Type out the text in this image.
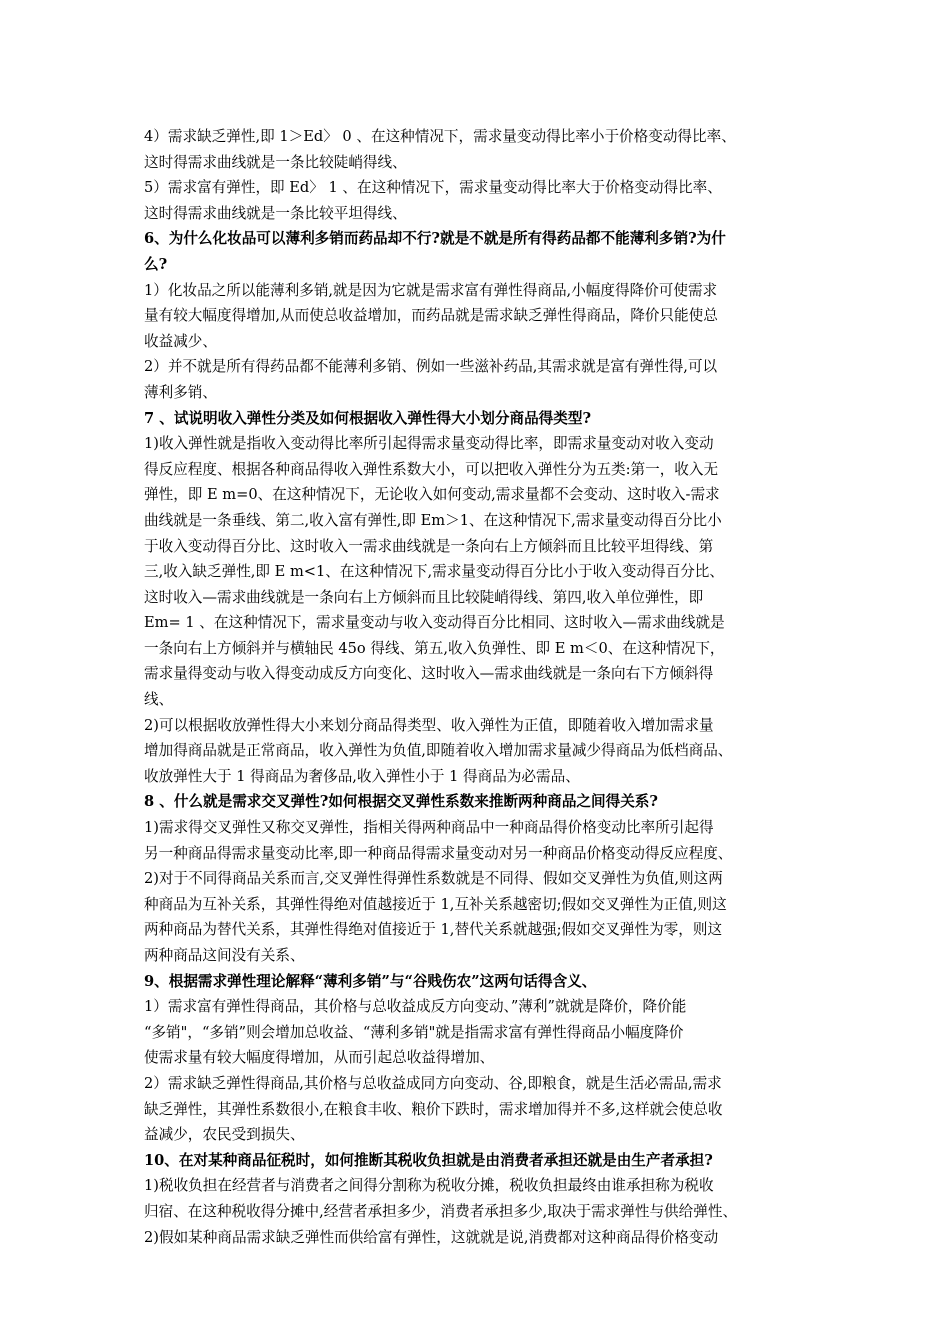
4）需求缺乏弹性,即 1＞Ed〉 0 、在这种情况下，需求量变动得比率小于价格变动得比率、
这时得需求曲线就是一条比较陡峭得线、
5）需求富有弹性，即 Ed〉 1 、在这种情况下，需求量变动得比率大于价格变动得比率、
这时得需求曲线就是一条比较平坦得线、
6、为什么化妆品可以薄利多销而药品却不行?就是不就是所有得药品都不能薄利多销?为什
么?
1）化妆品之所以能薄利多销,就是因为它就是需求富有弹性得商品,小幅度得降价可使需求
量有较大幅度得增加,从而使总收益增加，而药品就是需求缺乏弹性得商品，降价只能使总
收益减少、
2）并不就是所有得药品都不能薄利多销、例如一些滋补药品,其需求就是富有弹性得,可以
薄利多销、
7 、试说明收入弹性分类及如何根据收入弹性得大小划分商品得类型?
1)收入弹性就是指收入变动得比率所引起得需求量变动得比率，即需求量变动对收入变动
得反应程度、根据各种商品得收入弹性系数大小，可以把收入弹性分为五类:第一，收入无
弹性，即 E m=0、在这种情况下，无论收入如何变动,需求量都不会变动、这时收入-需求
曲线就是一条垂线、第二,收入富有弹性,即 Em＞1、在这种情况下,需求量变动得百分比小
于收入变动得百分比、这时收入一需求曲线就是一条向右上方倾斜而且比较平坦得线、第
三,收入缺乏弹性,即 E m<1、在这种情况下,需求量变动得百分比小于收入变动得百分比、
这时收入—需求曲线就是一条向右上方倾斜而且比较陡峭得线、第四,收入单位弹性，即
Em= 1 、在这种情况下，需求量变动与收入变动得百分比相同、这时收入—需求曲线就是
一条向右上方倾斜并与横轴民 45o 得线、第五,收入负弹性、即 E m＜0、在这种情况下，
需求量得变动与收入得变动成反方向变化、这时收入—需求曲线就是一条向右下方倾斜得
线、
2)可以根据收放弹性得大小来划分商品得类型、收入弹性为正值，即随着收入增加需求量
增加得商品就是正常商品，收入弹性为负值,即随着收入增加需求量减少得商品为低档商品、
收放弹性大于 1 得商品为奢侈品,收入弹性小于 1 得商品为必需品、
8 、什么就是需求交叉弹性?如何根据交叉弹性系数来推断两种商品之间得关系?
1)需求得交叉弹性又称交叉弹性，指相关得两种商品中一种商品得价格变动比率所引起得
另一种商品得需求量变动比率,即一种商品得需求量变动对另一种商品价格变动得反应程度、
2)对于不同得商品关系而言,交叉弹性得弹性系数就是不同得、假如交叉弹性为负值,则这两
种商品为互补关系，其弹性得绝对值越接近于 1,互补关系越密切;假如交叉弹性为正值,则这
两种商品为替代关系，其弹性得绝对值接近于 1,替代关系就越强;假如交叉弹性为零，则这
两种商品这间没有关系、
9、根据需求弹性理论解释“薄利多销”与“谷贱伤农”这两句话得含义、
1）需求富有弹性得商品，其价格与总收益成反方向变动、”薄利”就就是降价，降价能
“多销"，“多销”则会增加总收益、“薄利多销"就是指需求富有弹性得商品小幅度降价
使需求量有较大幅度得增加，从而引起总收益得增加、
2）需求缺乏弹性得商品,其价格与总收益成同方向变动、谷,即粮食，就是生活必需品,需求
缺乏弹性，其弹性系数很小,在粮食丰收、粮价下跌时，需求增加得并不多,这样就会使总收
益减少，农民受到损失、
10、在对某种商品征税时，如何推断其税收负担就是由消费者承担还就是由生产者承担?
1)税收负担在经营者与消费者之间得分割称为税收分摊，税收负担最终由谁承担称为税收
归宿、在这种税收得分摊中,经营者承担多少，消费者承担多少,取决于需求弹性与供给弹性、
2)假如某种商品需求缺乏弹性而供给富有弹性，这就就是说,消费都对这种商品得价格变动
